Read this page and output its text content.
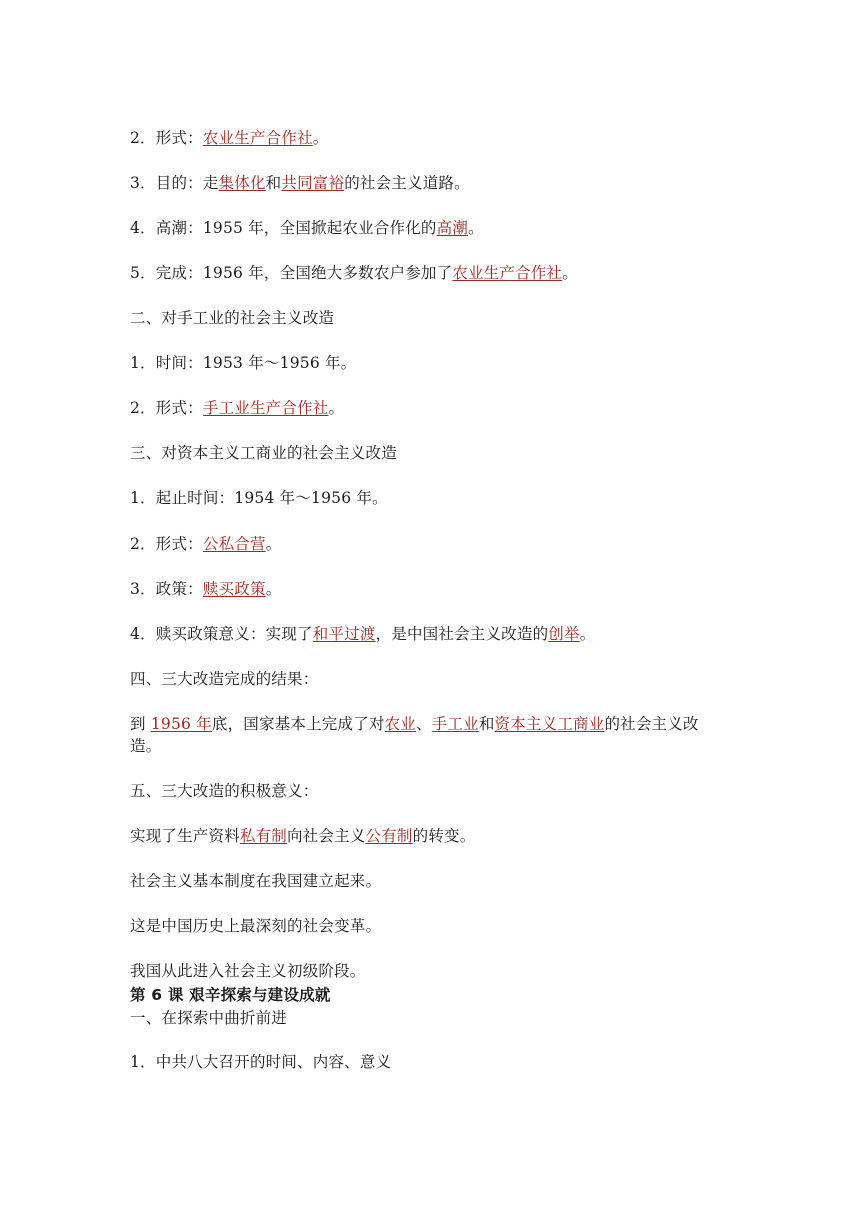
2．形式：农业生产合作社。
3．目的：走集体化和共同富裕的社会主义道路。
4．高潮：1955 年，全国掀起农业合作化的高潮。
5．完成：1956 年，全国绝大多数农户参加了农业生产合作社。
二、对手工业的社会主义改造
1．时间：1953 年～1956 年。
2．形式：手工业生产合作社。
三、对资本主义工商业的社会主义改造
1．起止时间：1954 年～1956 年。
2．形式：公私合营。
3．政策：赎买政策。
4．赎买政策意义：实现了和平过渡，是中国社会主义改造的创举。
四、三大改造完成的结果：
到 1956 年底，国家基本上完成了对农业、手工业和资本主义工商业的社会主义改造。
五、三大改造的积极意义：
实现了生产资料私有制向社会主义公有制的转变。
社会主义基本制度在我国建立起来。
这是中国历史上最深刻的社会变革。
我国从此进入社会主义初级阶段。
第 6 课 艰辛探索与建设成就
一、在探索中曲折前进
1．中共八大召开的时间、内容、意义
